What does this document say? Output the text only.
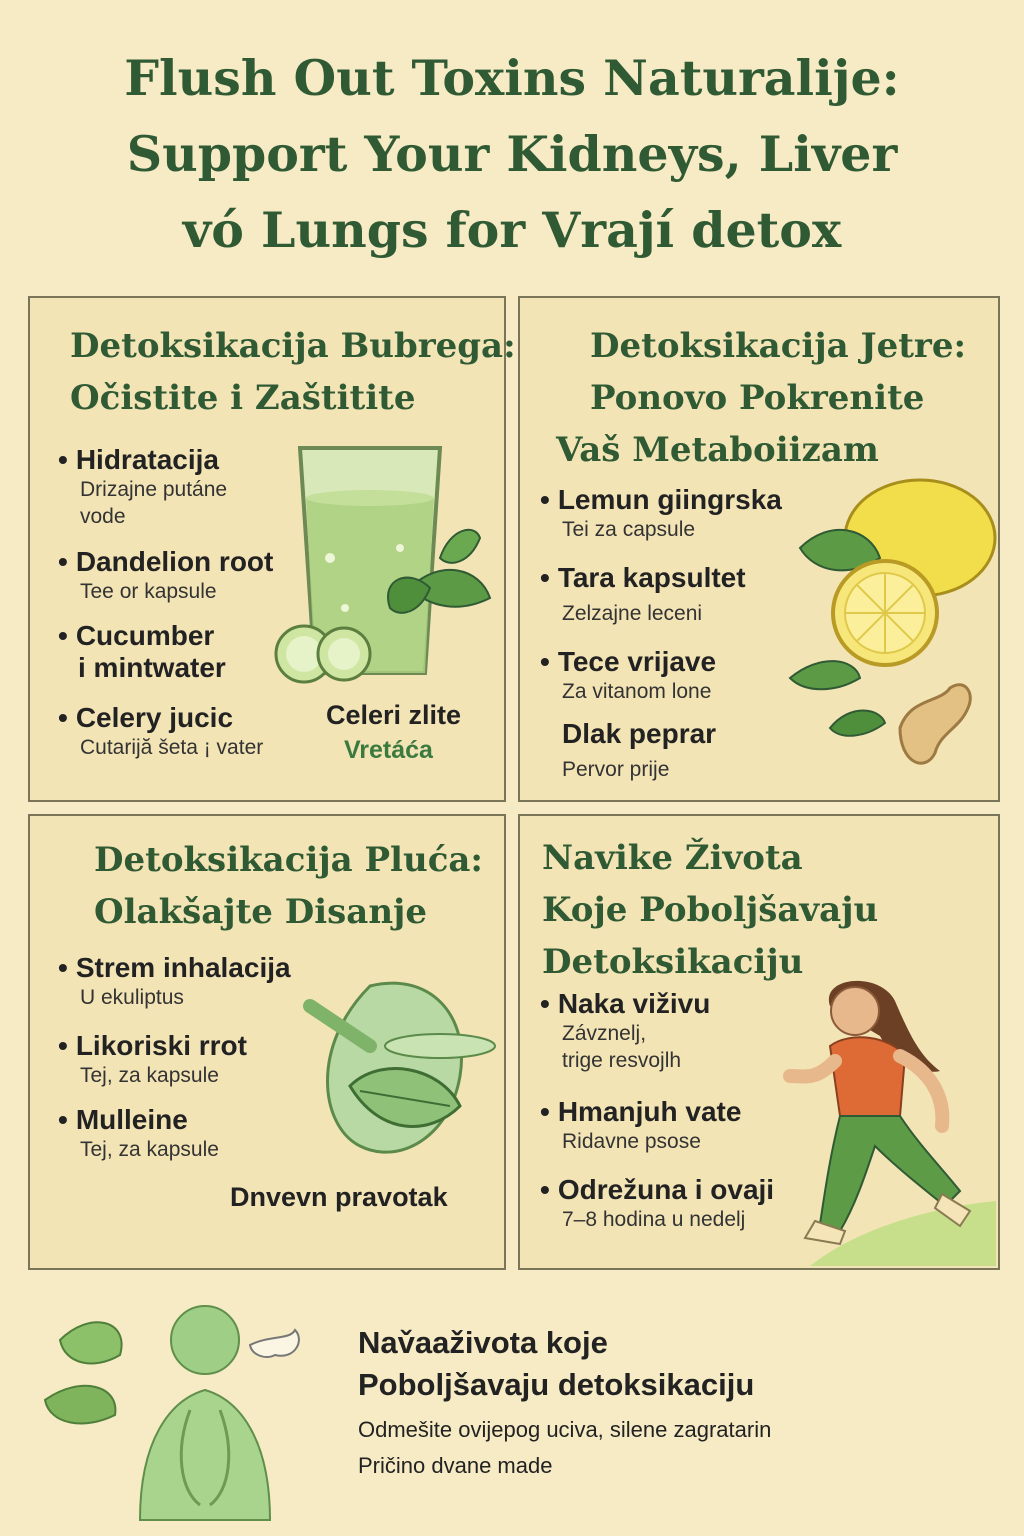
Flush Out Toxins Naturalije:
Support Your Kidneys, Liver
vó Lungs for Vrají detox
Detoksikacija Bubrega:
Očistite i Zaštitite
• Hidratacija
Drizajne putáne
vode
• Dandelion root
Tee or kapsule
• Cucumber
i mintwater
• Celery jucic
Cutarijă šeta ¡ vater
Celeri zlite
Vretáća
Detoksikacija Jetre:
Ponovo Pokrenite
Vaš Metaboiizam
• Lemun giingrska
Tei za capsule
• Tara kapsultet
Zelzajne leceni
• Tece vrijave
Za vitanom lone
Dlak peprar
Pervor prije
Detoksikacija Pluća:
Olakšajte Disanje
• Strem inhalacija
U ekuliptus
• Likoriski rrot
Tej, za kapsule
• Mulleine
Tej, za kapsule
Dnvevn pravotak
Navike Života
Koje Poboljšavaju
Detoksikaciju
• Naka viživu
Závznelj,
trige resvojlh
• Hmanjuh vate
Ridavne psose
• Odrežuna i ovaji
7–8 hodina u nedelj
Nav̌aaživota koje
Poboljšavaju detoksikaciju
Odmešite ovijepog uciva, silene zagratarin
Pričino dvane made
